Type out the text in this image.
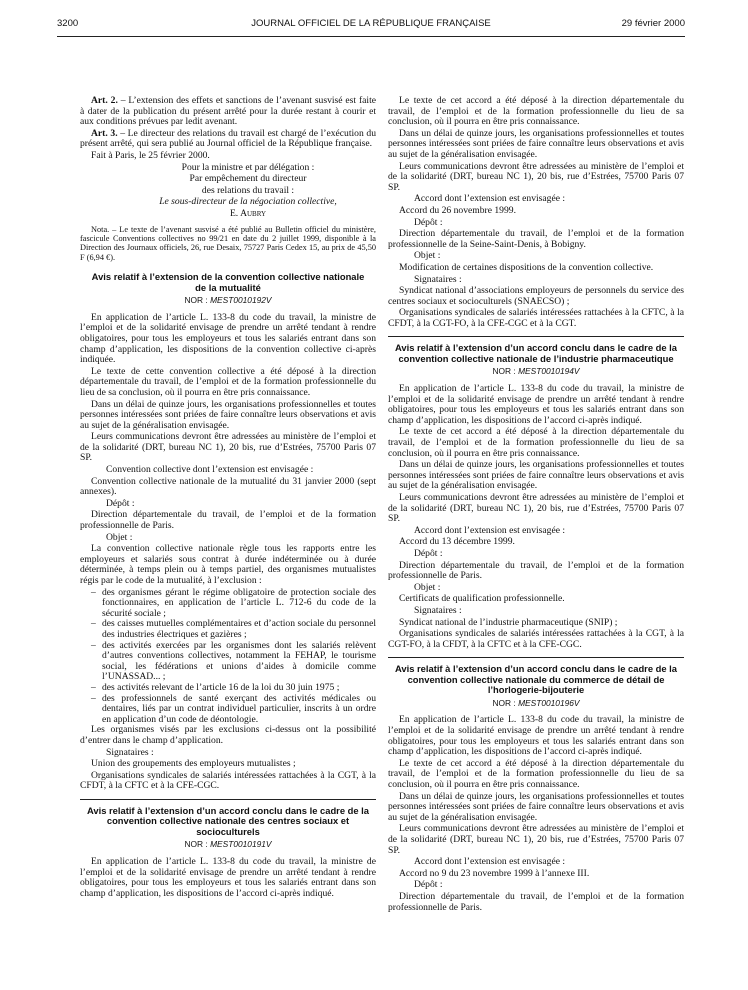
3200	JOURNAL OFFICIEL DE LA RÉPUBLIQUE FRANÇAISE	29 février 2000

Art. 2. – L’extension des effets et sanctions de l’avenant susvisé est faite à dater de la publication du présent arrêté pour la durée restant à courir et aux conditions prévues par ledit avenant.

Art. 3. – Le directeur des relations du travail est chargé de l’exécution du présent arrêté, qui sera publié au Journal officiel de la République française.

Fait à Paris, le 25 février 2000.

Pour la ministre et par délégation :

Par empêchement du directeur

des relations du travail :

Le sous-directeur de la négociation collective,

E. Aubry

Nota. – Le texte de l’avenant susvisé a été publié au Bulletin officiel du ministère, fascicule Conventions collectives no 99/21 en date du 2 juillet 1999, disponible à la Direction des Journaux officiels, 26, rue Desaix, 75727 Paris Cedex 15, au prix de 45,50 F (6,94 €).

Avis relatif à l’extension de la convention collective nationale de la mutualité
NOR : MESТ0010192V

En application de l’article L. 133-8 du code du travail, la ministre de l’emploi et de la solidarité envisage de prendre un arrêté tendant à rendre obligatoires, pour tous les employeurs et tous les salariés entrant dans son champ d’application, les dispositions de la convention collective ci-après indiquée.

Le texte de cette convention collective a été déposé à la direction départementale du travail, de l’emploi et de la formation professionnelle du lieu de sa conclusion, où il pourra en être pris connaissance.

Dans un délai de quinze jours, les organisations professionnelles et toutes personnes intéressées sont priées de faire connaître leurs observations et avis au sujet de la généralisation envisagée.

Leurs communications devront être adressées au ministère de l’emploi et de la solidarité (DRT, bureau NC 1), 20 bis, rue d’Estrées, 75700 Paris 07 SP.

Convention collective dont l’extension est envisagée :

Convention collective nationale de la mutualité du 31 janvier 2000 (sept annexes).

Dépôt :

Direction départementale du travail, de l’emploi et de la formation professionnelle de Paris.

Objet :

La convention collective nationale règle tous les rapports entre les employeurs et salariés sous contrat à durée indéterminée ou à durée déterminée, à temps plein ou à temps partiel, des organismes mutualistes régis par le code de la mutualité, à l’exclusion :

– des organismes gérant le régime obligatoire de protection sociale des fonctionnaires, en application de l’article L. 712-6 du code de la sécurité sociale ;
– des caisses mutuelles complémentaires et d’action sociale du personnel des industries électriques et gazières ;
– des activités exercées par les organismes dont les salariés relèvent d’autres conventions collectives, notamment la FEHAP, le tourisme social, les fédérations et unions d’aides à domicile comme l’UNASSAD... ;
– des activités relevant de l’article 16 de la loi du 30 juin 1975 ;
– des professionnels de santé exerçant des activités médicales ou dentaires, liés par un contrat individuel particulier, inscrits à un ordre en application d’un code de déontologie.

Les organismes visés par les exclusions ci-dessus ont la possibilité d’entrer dans le champ d’application.

Signataires :

Union des groupements des employeurs mutualistes ;

Organisations syndicales de salariés intéressées rattachées à la CGT, à la CFDT, à la CFTC et à la CFE-CGC.

Avis relatif à l’extension d’un accord conclu dans le cadre de la convention collective nationale des centres sociaux et socioculturels
NOR : MESТ0010191V

En application de l’article L. 133-8 du code du travail, la ministre de l’emploi et de la solidarité envisage de prendre un arrêté tendant à rendre obligatoires, pour tous les employeurs et tous les salariés entrant dans son champ d’application, les dispositions de l’accord ci-après indiqué.

Le texte de cet accord a été déposé à la direction départementale du travail, de l’emploi et de la formation professionnelle du lieu de sa conclusion, où il pourra en être pris connaissance.

Dans un délai de quinze jours, les organisations professionnelles et toutes personnes intéressées sont priées de faire connaître leurs observations et avis au sujet de la généralisation envisagée.

Leurs communications devront être adressées au ministère de l’emploi et de la solidarité (DRT, bureau NC 1), 20 bis, rue d’Estrées, 75700 Paris 07 SP.

Accord dont l’extension est envisagée :

Accord du 26 novembre 1999.

Dépôt :

Direction départementale du travail, de l’emploi et de la formation professionnelle de la Seine-Saint-Denis, à Bobigny.

Objet :

Modification de certaines dispositions de la convention collective.

Signataires :

Syndicat national d’associations employeurs de personnels du service des centres sociaux et socioculturels (SNAECSO) ;

Organisations syndicales de salariés intéressées rattachées à la CFTC, à la CFDT, à la CGT-FO, à la CFE-CGC et à la CGT.

Avis relatif à l’extension d’un accord conclu dans le cadre de la convention collective nationale de l’industrie pharmaceutique
NOR : MESТ0010194V

En application de l’article L. 133-8 du code du travail, la ministre de l’emploi et de la solidarité envisage de prendre un arrêté tendant à rendre obligatoires, pour tous les employeurs et tous les salariés entrant dans son champ d’application, les dispositions de l’accord ci-après indiqué.

Le texte de cet accord a été déposé à la direction départementale du travail, de l’emploi et de la formation professionnelle du lieu de sa conclusion, où il pourra en être pris connaissance.

Dans un délai de quinze jours, les organisations professionnelles et toutes personnes intéressées sont priées de faire connaître leurs observations et avis au sujet de la généralisation envisagée.

Leurs communications devront être adressées au ministère de l’emploi et de la solidarité (DRT, bureau NC 1), 20 bis, rue d’Estrées, 75700 Paris 07 SP.

Accord dont l’extension est envisagée :

Accord du 13 décembre 1999.

Dépôt :

Direction départementale du travail, de l’emploi et de la formation professionnelle de Paris.

Objet :

Certificats de qualification professionnelle.

Signataires :

Syndicat national de l’industrie pharmaceutique (SNIP) ;

Organisations syndicales de salariés intéressées rattachées à la CGT, à la CGT-FO, à la CFDT, à la CFTC et à la CFE-CGC.

Avis relatif à l’extension d’un accord conclu dans le cadre de la convention collective nationale du commerce de détail de l’horlogerie-bijouterie
NOR : MESТ0010196V

En application de l’article L. 133-8 du code du travail, la ministre de l’emploi et de la solidarité envisage de prendre un arrêté tendant à rendre obligatoires, pour tous les employeurs et tous les salariés entrant dans son champ d’application, les dispositions de l’accord ci-après indiqué.

Le texte de cet accord a été déposé à la direction départementale du travail, de l’emploi et de la formation professionnelle du lieu de sa conclusion, où il pourra en être pris connaissance.

Dans un délai de quinze jours, les organisations professionnelles et toutes personnes intéressées sont priées de faire connaître leurs observations et avis au sujet de la généralisation envisagée.

Leurs communications devront être adressées au ministère de l’emploi et de la solidarité (DRT, bureau NC 1), 20 bis, rue d’Estrées, 75700 Paris 07 SP.

Accord dont l’extension est envisagée :

Accord no 9 du 23 novembre 1999 à l’annexe III.

Dépôt :

Direction départementale du travail, de l’emploi et de la formation professionnelle de Paris.
